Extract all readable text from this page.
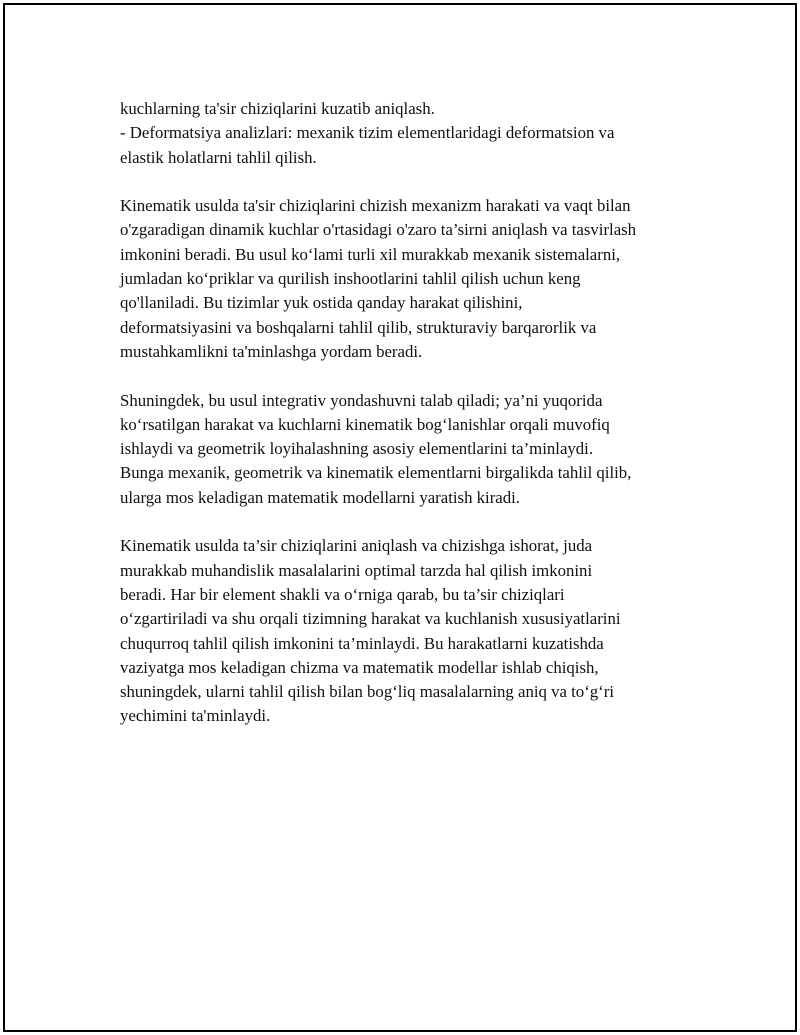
kuchlarning ta'sir chiziqlarini kuzatib aniqlash.
- Deformatsiya analizlari: mexanik tizim elementlaridagi deformatsion va
elastik holatlarni tahlil qilish.

Kinematik usulda ta'sir chiziqlarini chizish mexanizm harakati va vaqt bilan
o'zgaradigan dinamik kuchlar o'rtasidagi o'zaro ta’sirni aniqlash va tasvirlash
imkonini beradi. Bu usul ko‘lami turli xil murakkab mexanik sistemalarni,
jumladan ko‘priklar va qurilish inshootlarini tahlil qilish uchun keng
qo'llaniladi. Bu tizimlar yuk ostida qanday harakat qilishini,
deformatsiyasini va boshqalarni tahlil qilib, strukturaviy barqarorlik va
mustahkamlikni ta'minlashga yordam beradi.

Shuningdek, bu usul integrativ yondashuvni talab qiladi; ya’ni yuqorida
ko‘rsatilgan harakat va kuchlarni kinematik bog‘lanishlar orqali muvofiq
ishlaydi va geometrik loyihalashning asosiy elementlarini ta’minlaydi.
Bunga mexanik, geometrik va kinematik elementlarni birgalikda tahlil qilib,
ularga mos keladigan matematik modellarni yaratish kiradi.

Kinematik usulda ta’sir chiziqlarini aniqlash va chizishga ishorat, juda
murakkab muhandislik masalalarini optimal tarzda hal qilish imkonini
beradi. Har bir element shakli va o‘rniga qarab, bu ta’sir chiziqlari
o‘zgartiriladi va shu orqali tizimning harakat va kuchlanish xususiyatlarini
chuqurroq tahlil qilish imkonini ta’minlaydi. Bu harakatlarni kuzatishda
vaziyatga mos keladigan chizma va matematik modellar ishlab chiqish,
shuningdek, ularni tahlil qilish bilan bog‘liq masalalarning aniq va to‘g‘ri
yechimini ta'minlaydi.
